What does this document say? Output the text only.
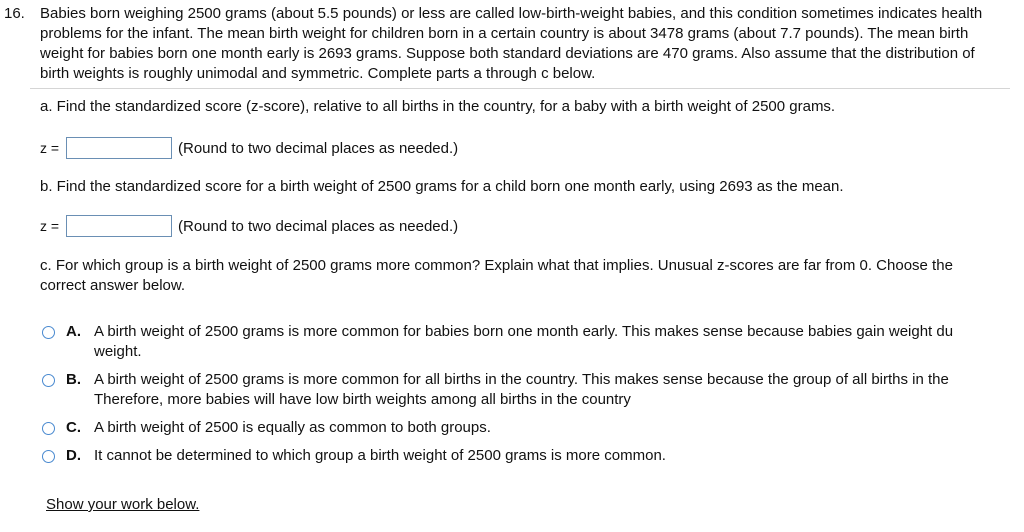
16. Babies born weighing 2500 grams (about 5.5 pounds) or less are called low-birth-weight babies, and this condition sometimes indicates health problems for the infant. The mean birth weight for children born in a certain country is about 3478 grams (about 7.7 pounds). The mean birth weight for babies born one month early is 2693 grams. Suppose both standard deviations are 470 grams. Also assume that the distribution of birth weights is roughly unimodal and symmetric. Complete parts a through c below.
a. Find the standardized score (z-score), relative to all births in the country, for a baby with a birth weight of 2500 grams.
z =	(Round to two decimal places as needed.)
b. Find the standardized score for a birth weight of 2500 grams for a child born one month early, using 2693 as the mean.
z =	(Round to two decimal places as needed.)
c. For which group is a birth weight of 2500 grams more common? Explain what that implies. Unusual z-scores are far from 0. Choose the correct answer below.
A. A birth weight of 2500 grams is more common for babies born one month early. This makes sense because babies gain weight du
weight.
B. A birth weight of 2500 grams is more common for all births in the country. This makes sense because the group of all births in the
Therefore, more babies will have low birth weights among all births in the country
C. A birth weight of 2500 is equally as common to both groups.
D. It cannot be determined to which group a birth weight of 2500 grams is more common.
Show your work below.
